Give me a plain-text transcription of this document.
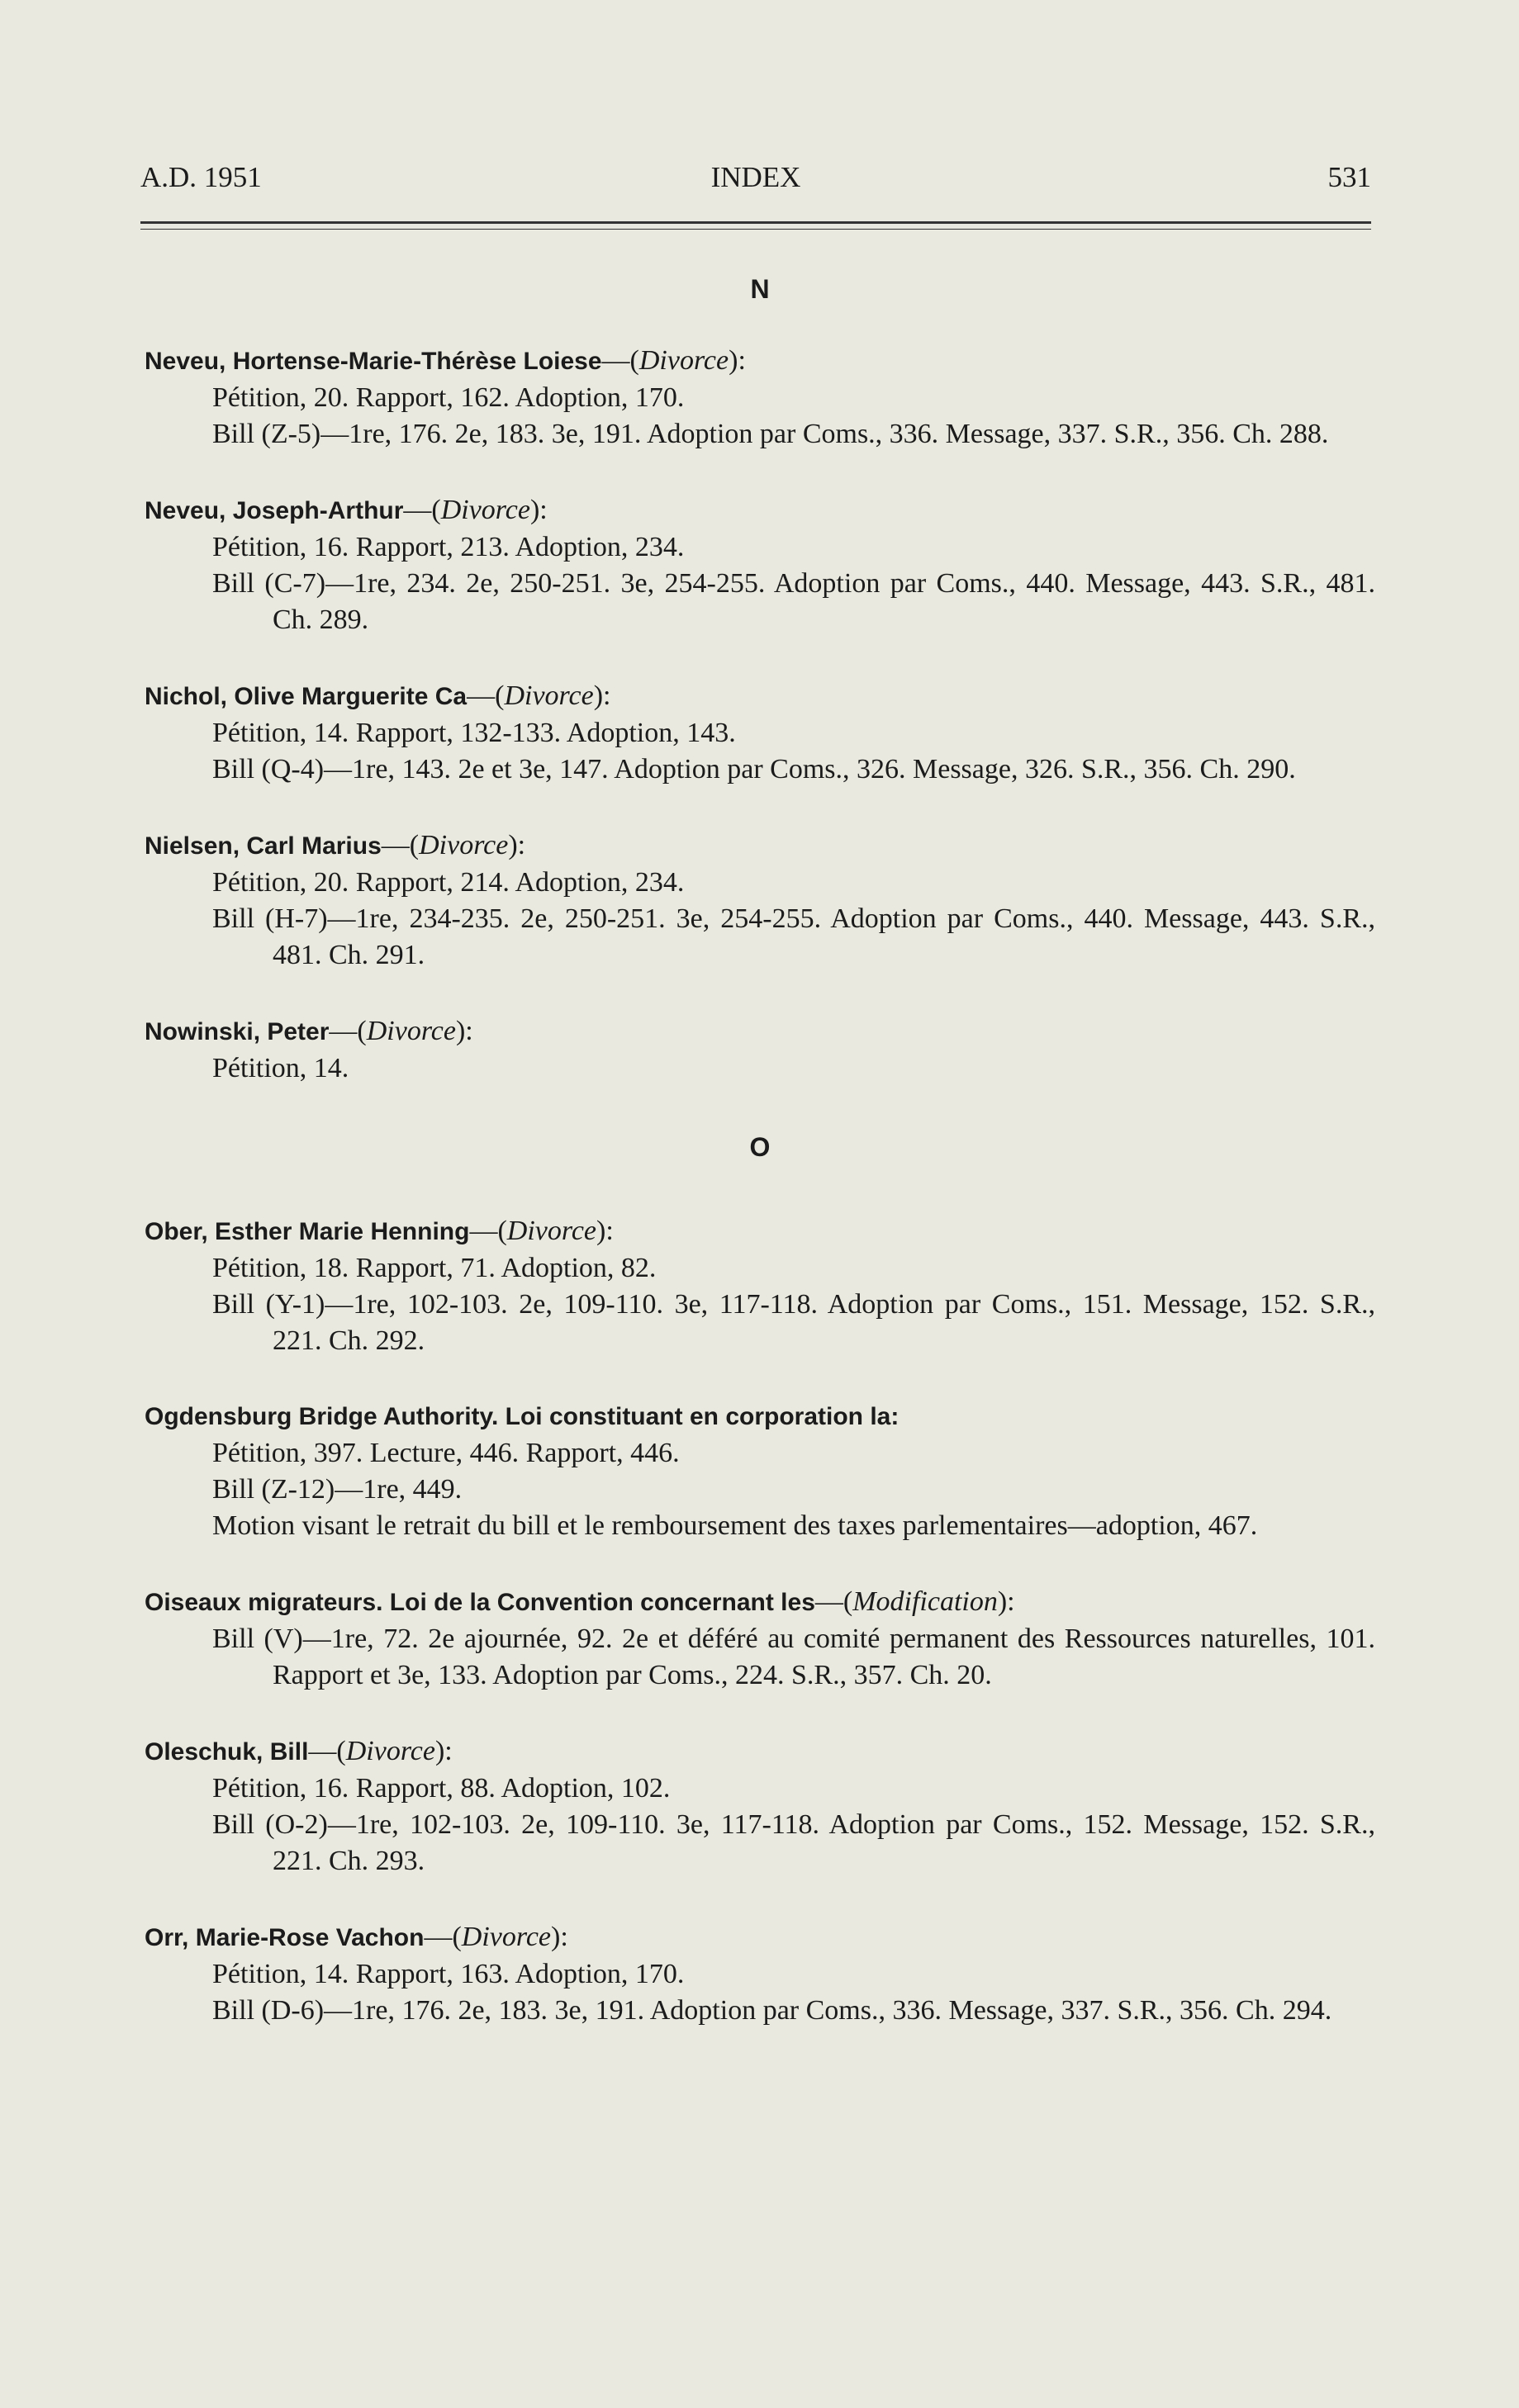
A.D. 1951	INDEX	531
N
Neveu, Hortense-Marie-Thérèse Loiese—(Divorce):
Pétition, 20. Rapport, 162. Adoption, 170.
Bill (Z-5)—1re, 176. 2e, 183. 3e, 191. Adoption par Coms., 336. Message, 337. S.R., 356. Ch. 288.
Neveu, Joseph-Arthur—(Divorce):
Pétition, 16. Rapport, 213. Adoption, 234.
Bill (C-7)—1re, 234. 2e, 250-251. 3e, 254-255. Adoption par Coms., 440. Message, 443. S.R., 481. Ch. 289.
Nichol, Olive Marguerite Ca—(Divorce):
Pétition, 14. Rapport, 132-133. Adoption, 143.
Bill (Q-4)—1re, 143. 2e et 3e, 147. Adoption par Coms., 326. Message, 326. S.R., 356. Ch. 290.
Nielsen, Carl Marius—(Divorce):
Pétition, 20. Rapport, 214. Adoption, 234.
Bill (H-7)—1re, 234-235. 2e, 250-251. 3e, 254-255. Adoption par Coms., 440. Message, 443. S.R., 481. Ch. 291.
Nowinski, Peter—(Divorce):
Pétition, 14.
O
Ober, Esther Marie Henning—(Divorce):
Pétition, 18. Rapport, 71. Adoption, 82.
Bill (Y-1)—1re, 102-103. 2e, 109-110. 3e, 117-118. Adoption par Coms., 151. Message, 152. S.R., 221. Ch. 292.
Ogdensburg Bridge Authority. Loi constituant en corporation la:
Pétition, 397. Lecture, 446. Rapport, 446.
Bill (Z-12)—1re, 449.
Motion visant le retrait du bill et le remboursement des taxes parlementaires—adoption, 467.
Oiseaux migrateurs. Loi de la Convention concernant les—(Modification):
Bill (V)—1re, 72. 2e ajournée, 92. 2e et déféré au comité permanent des Ressources naturelles, 101. Rapport et 3e, 133. Adoption par Coms., 224. S.R., 357. Ch. 20.
Oleschuk, Bill—(Divorce):
Pétition, 16. Rapport, 88. Adoption, 102.
Bill (O-2)—1re, 102-103. 2e, 109-110. 3e, 117-118. Adoption par Coms., 152. Message, 152. S.R., 221. Ch. 293.
Orr, Marie-Rose Vachon—(Divorce):
Pétition, 14. Rapport, 163. Adoption, 170.
Bill (D-6)—1re, 176. 2e, 183. 3e, 191. Adoption par Coms., 336. Message, 337. S.R., 356. Ch. 294.
